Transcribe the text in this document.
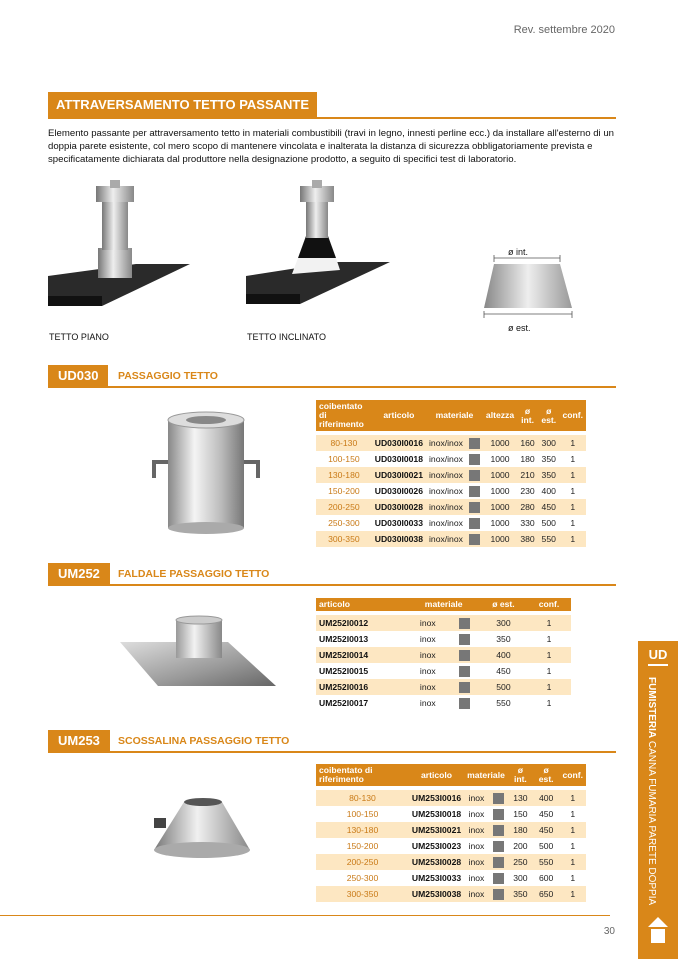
Rev. settembre 2020
ATTRAVERSAMENTO TETTO PASSANTE
Elemento passante per attraversamento tetto in materiali combustibili (travi in legno, innesti perline ecc.) da installare all'esterno di un doppia parete esistente, col mero scopo di mantenere vincolata e inalterata la distanza di sicurezza obbligatoriamente prevista e specificatamente dichiarata dal produttore nella designazione prodotto, a seguito di specifici test di laboratorio.
TETTO PIANO	TETTO INCLINATO
ø int.
ø est.
UD030	PASSAGGIO TETTO
coibentato di riferimento	articolo	materiale		altezza	ø int.	ø est.	conf.
80-130	UD030I0016	inox/inox		1000	160	300	1
100-150	UD030I0018	inox/inox		1000	180	350	1
130-180	UD030I0021	inox/inox		1000	210	350	1
150-200	UD030I0026	inox/inox		1000	230	400	1
200-250	UD030I0028	inox/inox		1000	280	450	1
250-300	UD030I0033	inox/inox		1000	330	500	1
300-350	UD030I0038	inox/inox		1000	380	550	1
UM252	FALDALE PASSAGGIO TETTO
articolo	materiale		ø est.	conf.
UM252I0012	inox		300	1
UM252I0013	inox		350	1
UM252I0014	inox		400	1
UM252I0015	inox		450	1
UM252I0016	inox		500	1
UM252I0017	inox		550	1
UM253	SCOSSALINA PASSAGGIO TETTO
coibentato di riferimento	articolo	materiale		ø int.	ø est.	conf.
80-130	UM253I0016	inox		130	400	1
100-150	UM253I0018	inox		150	450	1
130-180	UM253I0021	inox		180	450	1
150-200	UM253I0023	inox		200	500	1
200-250	UM253I0028	inox		250	550	1
250-300	UM253I0033	inox		300	600	1
300-350	UM253I0038	inox		350	650	1
UD
FUMISTERIA CANNA FUMARIA PARETE DOPPIA
30
